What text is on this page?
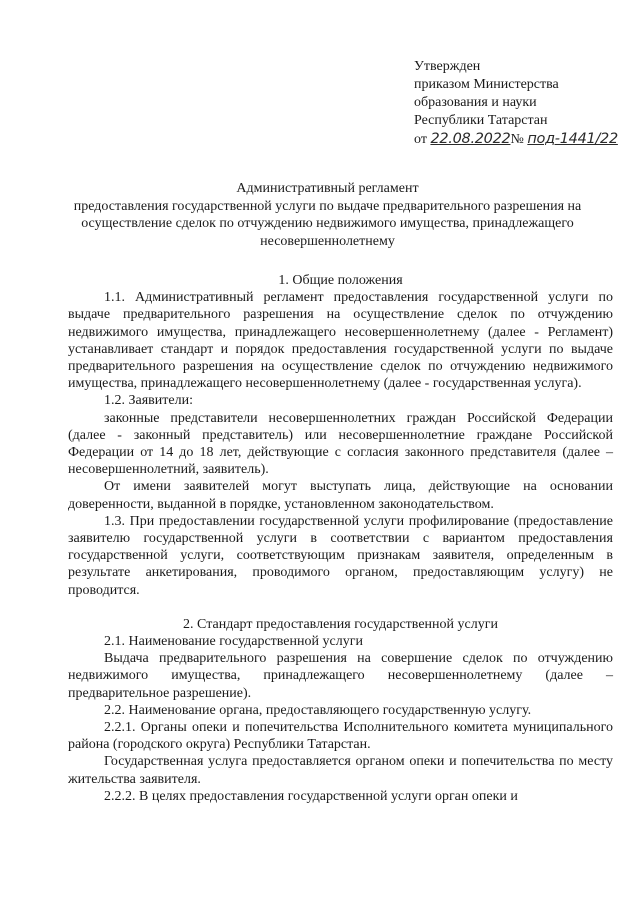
Утвержден
приказом Министерства
образования и науки
Республики Татарстан
от 22.08.2022№ под-1441/22
Административный регламент
предоставления государственной услуги по выдаче предварительного разрешения на осуществление сделок по отчуждению недвижимого имущества, принадлежащего несовершеннолетнему
1. Общие положения

1.1. Административный регламент предоставления государственной услуги по выдаче предварительного разрешения на осуществление сделок по отчуждению недвижимого имущества, принадлежащего несовершеннолетнему (далее - Регламент) устанавливает стандарт и порядок предоставления государственной услуги по выдаче предварительного разрешения на осуществление сделок по отчуждению недвижимого имущества, принадлежащего несовершеннолетнему (далее - государственная услуга).

1.2. Заявители:

законные представители несовершеннолетних граждан Российской Федерации (далее - законный представитель) или несовершеннолетние граждане Российской Федерации от 14 до 18 лет, действующие с согласия законного представителя (далее – несовершеннолетний, заявитель).

От имени заявителей могут выступать лица, действующие на основании доверенности, выданной в порядке, установленном законодательством.

1.3. При предоставлении государственной услуги профилирование (предоставление заявителю государственной услуги в соответствии с вариантом предоставления государственной услуги, соответствующим признакам заявителя, определенным в результате анкетирования, проводимого органом, предоставляющим услугу) не проводится.

2. Стандарт предоставления государственной услуги

2.1. Наименование государственной услуги

Выдача предварительного разрешения на совершение сделок по отчуждению недвижимого имущества, принадлежащего несовершеннолетнему (далее – предварительное разрешение).

2.2. Наименование органа, предоставляющего государственную услугу.

2.2.1. Органы опеки и попечительства Исполнительного комитета муниципального района (городского округа) Республики Татарстан.

Государственная услуга предоставляется органом опеки и попечительства по месту жительства заявителя.

2.2.2. В целях предоставления государственной услуги орган опеки и
